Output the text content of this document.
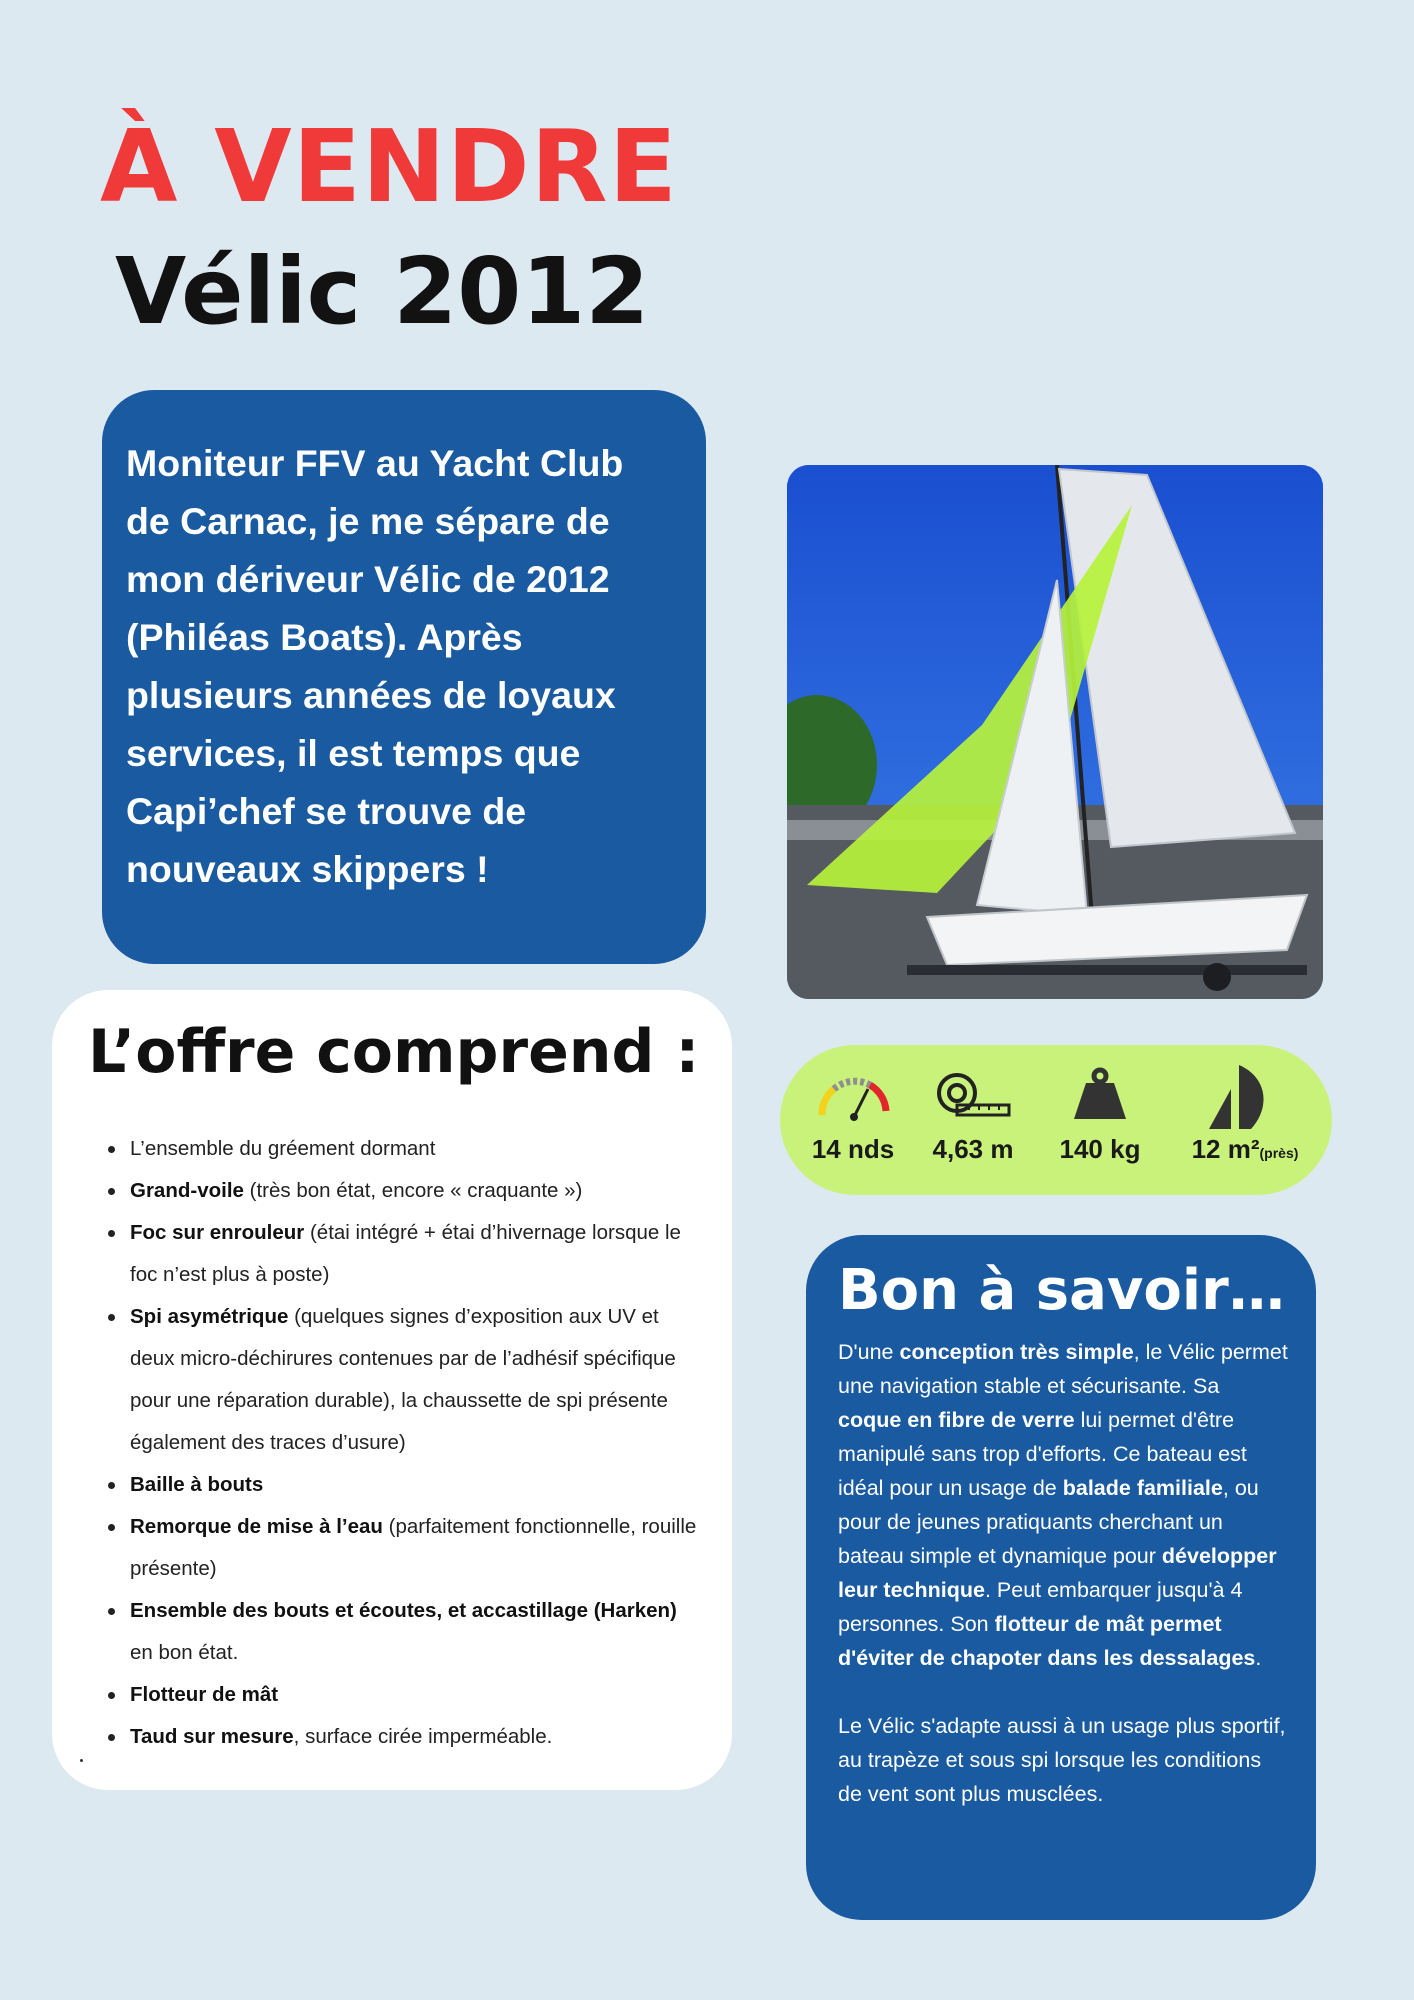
À VENDRE
Vélic 2012

Moniteur FFV au Yacht Club de Carnac, je me sépare de mon dériveur Vélic de 2012 (Philéas Boats). Après plusieurs années de loyaux services, il est temps que Capi’chef se trouve de nouveaux skippers !

L’offre comprend :
L’ensemble du gréement dormant
Grand-voile (très bon état, encore « craquante »)
Foc sur enrouleur (étai intégré + étai d’hivernage lorsque le foc n’est plus à poste)
Spi asymétrique (quelques signes d’exposition aux UV et deux micro-déchirures contenues par de l’adhésif spécifique pour une réparation durable), la chaussette de spi présente également des traces d’usure)
Baille à bouts
Remorque de mise à l’eau (parfaitement fonctionnelle, rouille présente)
Ensemble des bouts et écoutes, et accastillage (Harken) en bon état.
Flotteur de mât
Taud sur mesure, surface cirée imperméable.
14 nds	4,63 m	140 kg	12 m²(près)
Bon à savoir…

D'une conception très simple, le Vélic permet une navigation stable et sécurisante. Sa coque en fibre de verre lui permet d'être manipulé sans trop d'efforts. Ce bateau est idéal pour un usage de balade familiale, ou pour de jeunes pratiquants cherchant un bateau simple et dynamique pour développer leur technique. Peut embarquer jusqu'à 4 personnes. Son flotteur de mât permet d'éviter de chapoter dans les dessalages.

Le Vélic s'adapte aussi à un usage plus sportif, au trapèze et sous spi lorsque les conditions de vent sont plus musclées.
